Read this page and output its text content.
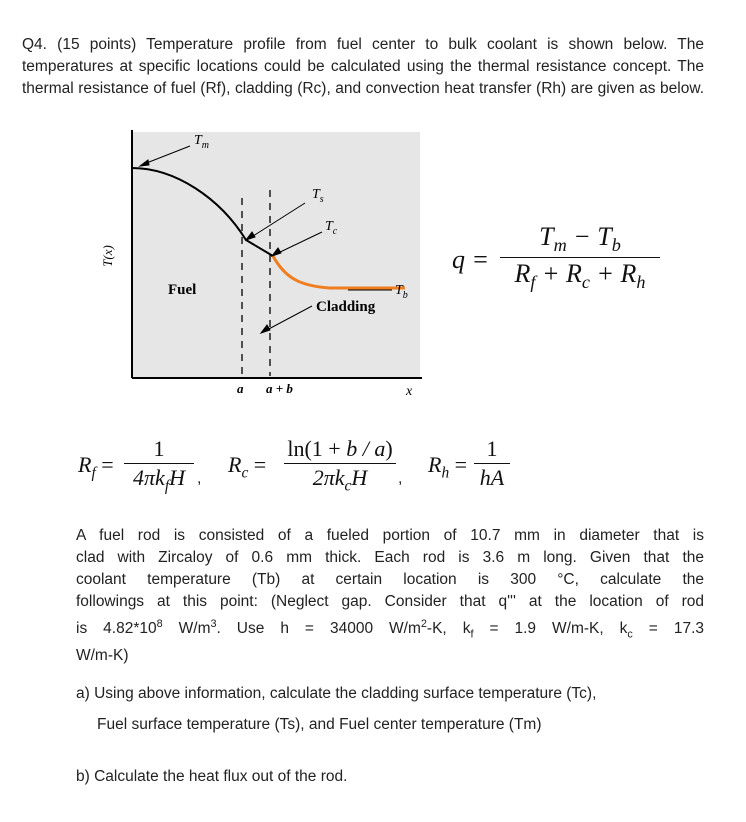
Q4. (15 points) Temperature profile from fuel center to bulk coolant is shown below. The temperatures at specific locations could be calculated using the thermal resistance concept. The thermal resistance of fuel (Rf), cladding (Rc), and convection heat transfer (Rh) are given as below.
T(x)
x
$T_m$
$T_s$
$T_c$
$T_b$
Fuel
Cladding
a a + b
q =
$T_m - T_b$
$R_f + R_c + R_h$
$R_f$ =
1
$4\pi k_fH$ ,
$R_c$ =
ln(1 + b / a)
$2\pi k_cH$	,
$R_h$ =
1
hA
A fuel rod is consisted of a fueled portion of 10.7 mm in diameter that is
clad with Zircaloy of 0.6 mm thick. Each rod is 3.6 m long. Given that the
coolant temperature (Tb) at certain location is 300 °C, calculate the
followings at this point: (Neglect gap. Consider that q''' at the location of rod
is $4.82*10^8$ $W/m^3$. Use h = 34000 $W/m^2-K$, $k_f = 1.9$ W/m-K, $k_c = 17.3$
W/m-K)
a) Using above information, calculate the cladding surface temperature (Tc),
Fuel surface temperature (Ts), and Fuel center temperature (Tm)
b) Calculate the heat flux out of the rod.
